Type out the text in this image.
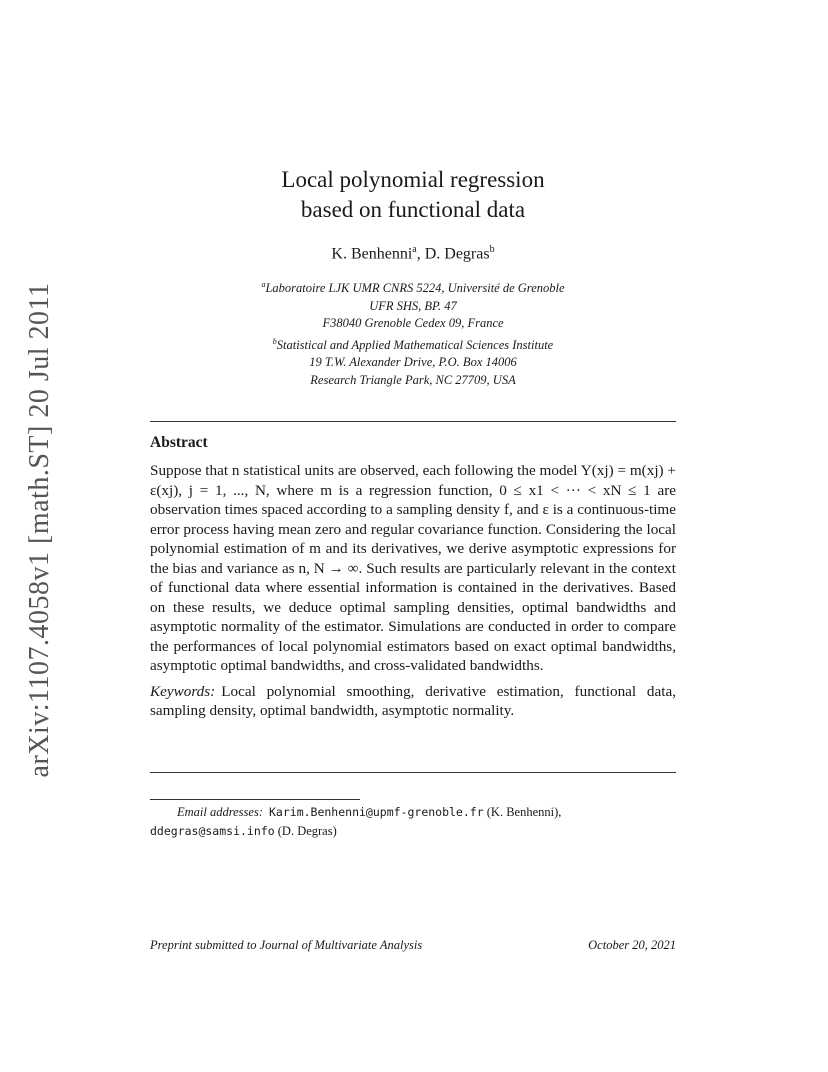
arXiv:1107.4058v1 [math.ST] 20 Jul 2011
Local polynomial regression
based on functional data
K. Benhenni$^a$, D. Degras$^b$
$^a$Laboratoire LJK UMR CNRS 5224, Université de Grenoble
UFR SHS, BP. 47
F38040 Grenoble Cedex 09, France
$^b$Statistical and Applied Mathematical Sciences Institute
19 T.W. Alexander Drive, P.O. Box 14006
Research Triangle Park, NC 27709, USA
Abstract

Suppose that n statistical units are observed, each following the model Y(xj) = m(xj) + ε(xj), j = 1, ..., N, where m is a regression function, 0 ≤ x1 < ··· < xN ≤ 1 are observation times spaced according to a sampling density f, and ε is a continuous-time error process having mean zero and regular covariance function. Considering the local polynomial estimation of m and its derivatives, we derive asymptotic expressions for the bias and variance as n, N → ∞. Such results are particularly relevant in the context of functional data where essential information is contained in the derivatives. Based on these results, we deduce optimal sampling densities, optimal bandwidths and asymptotic normality of the estimator. Simulations are conducted in order to compare the performances of local polynomial estimators based on exact optimal bandwidths, asymptotic optimal bandwidths, and cross-validated bandwidths.

Keywords: Local polynomial smoothing, derivative estimation, functional data, sampling density, optimal bandwidth, asymptotic normality.

Email addresses: Karim.Benhenni@upmf-grenoble.fr (K. Benhenni),
ddegras@samsi.info (D. Degras)
Preprint submitted to Journal of Multivariate Analysis	October 20, 2021
